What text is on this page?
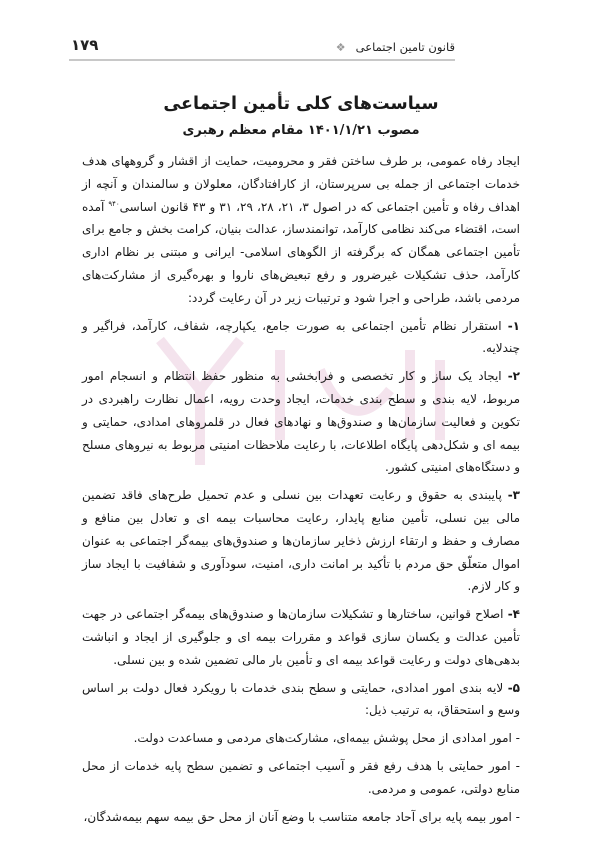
قانون تامین اجتماعی
❖
۱۷۹
سیاست‌های کلی تأمین اجتماعی
مصوب ۱۴۰۱/۱/۲۱ مقام معظم رهبری

ایجاد رفاه عمومی، بر طرف ساختن فقر و محرومیت، حمایت از اقشار و گروههای هدف خدمات اجتماعی از جمله بی سرپرستان، از کارافتادگان، معلولان و سالمندان و آنچه از اهداف رفاه و تأمین اجتماعی که در اصول ۳، ۲۱، ۲۸، ۲۹، ۳۱ و ۴۳ قانون اساسی$^{۹۴۰}$ آمده است، اقتضاء می‌کند نظامی کارآمد، توانمندساز، عدالت بنیان، کرامت بخش و جامع برای تأمین اجتماعی همگان که برگرفته از الگوهای اسلامی- ایرانی و مبتنی بر نظام اداری کارآمد، حذف تشکیلات غیرضرور و رفع تبعیض‌های ناروا و بهره‌گیری از مشارکت‌های مردمی باشد، طراحی و اجرا شود و ترتیبات زیر در آن رعایت گردد:

۱- استقرار نظام تأمین اجتماعی به صورت جامع، یکپارچه، شفاف، کارآمد، فراگیر و چندلایه.

۲- ایجاد یک ساز و کار تخصصی و فرابخشی به منظور حفظ انتظام و انسجام امور مربوط، لایه بندی و سطح بندی خدمات، ایجاد وحدت رویه، اعمال نظارت راهبردی در تکوین و فعالیت سازمان‌ها و صندوق‌ها و نهادهای فعال در قلمروهای امدادی، حمایتی و بیمه ای و شکل‌دهی پایگاه اطلاعات، با رعایت ملاحظات امنیتی مربوط به نیروهای مسلح و دستگاه‌های امنیتی کشور.

۳- پایبندی به حقوق و رعایت تعهدات بین نسلی و عدم تحمیل طرح‌های فاقد تضمین مالی بین نسلی، تأمین منابع پایدار، رعایت محاسبات بیمه ای و تعادل بین منافع و مصارف و حفظ و ارتقاء ارزش ذخایر سازمان‌ها و صندوق‌های بیمه‌گر اجتماعی به عنوان اموال متعلّق حق مردم با تأکید بر امانت داری، امنیت، سودآوری و شفافیت با ایجاد ساز و کار لازم.

۴- اصلاح قوانین، ساختارها و تشکیلات سازمان‌ها و صندوق‌های بیمه‌گر اجتماعی در جهت تأمین عدالت و یکسان سازی قواعد و مقررات بیمه ای و جلوگیری از ایجاد و انباشت بدهی‌های دولت و رعایت قواعد بیمه ای و تأمین بار مالی تضمین شده و بین نسلی.

۵- لایه بندی امور امدادی، حمایتی و سطح بندی خدمات با رویکرد فعال دولت بر اساس وسع و استحقاق، به ترتیب ذیل:

- امور امدادی از محل پوشش بیمه‌ای، مشارکت‌های مردمی و مساعدت دولت.

- امور حمایتی با هدف رفع فقر و آسیب اجتماعی و تضمین سطح پایه خدمات از محل منابع دولتی، عمومی و مردمی.

- امور بیمه پایه برای آحاد جامعه متناسب با وضع آنان از محل حق بیمه سهم بیمه‌شدگان،
